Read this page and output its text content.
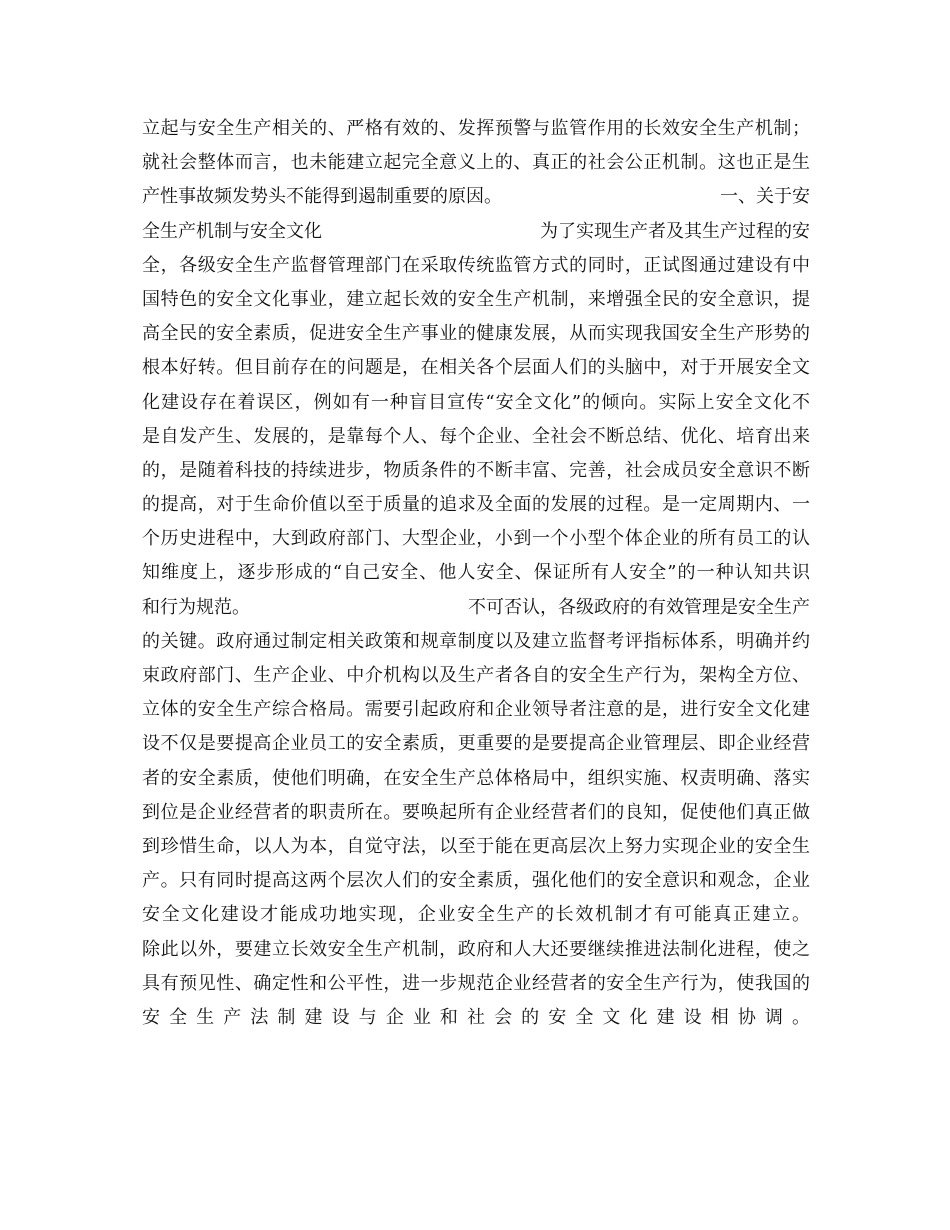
立起与安全生产相关的、严格有效的、发挥预警与监管作用的长效安全生产机制；
就社会整体而言，也未能建立起完全意义上的、真正的社会公正机制。这也正是生
产性事故频发势头不能得到遏制重要的原因。	一、关于安
全生产机制与安全文化	为了实现生产者及其生产过程的安
全，各级安全生产监督管理部门在采取传统监管方式的同时，正试图通过建设有中
国特色的安全文化事业，建立起长效的安全生产机制，来增强全民的安全意识，提
高全民的安全素质，促进安全生产事业的健康发展，从而实现我国安全生产形势的
根本好转。但目前存在的问题是，在相关各个层面人们的头脑中，对于开展安全文
化建设存在着误区，例如有一种盲目宣传“安全文化”的倾向。实际上安全文化不
是自发产生、发展的，是靠每个人、每个企业、全社会不断总结、优化、培育出来
的，是随着科技的持续进步，物质条件的不断丰富、完善，社会成员安全意识不断
的提高，对于生命价值以至于质量的追求及全面的发展的过程。是一定周期内、一
个历史进程中，大到政府部门、大型企业，小到一个小型个体企业的所有员工的认
知维度上，逐步形成的“自己安全、他人安全、保证所有人安全”的一种认知共识
和行为规范。	不可否认，各级政府的有效管理是安全生产
的关键。政府通过制定相关政策和规章制度以及建立监督考评指标体系，明确并约
束政府部门、生产企业、中介机构以及生产者各自的安全生产行为，架构全方位、
立体的安全生产综合格局。需要引起政府和企业领导者注意的是，进行安全文化建
设不仅是要提高企业员工的安全素质，更重要的是要提高企业管理层、即企业经营
者的安全素质，使他们明确，在安全生产总体格局中，组织实施、权责明确、落实
到位是企业经营者的职责所在。要唤起所有企业经营者们的良知，促使他们真正做
到珍惜生命，以人为本，自觉守法，以至于能在更高层次上努力实现企业的安全生
产。只有同时提高这两个层次人们的安全素质，强化他们的安全意识和观念，企业
安全文化建设才能成功地实现，企业安全生产的长效机制才有可能真正建立。
除此以外，要建立长效安全生产机制，政府和人大还要继续推进法制化进程，使之
具有预见性、确定性和公平性，进一步规范企业经营者的安全生产行为，使我国的
安全生产法制建设与企业和社会的安全文化建设相协调。
